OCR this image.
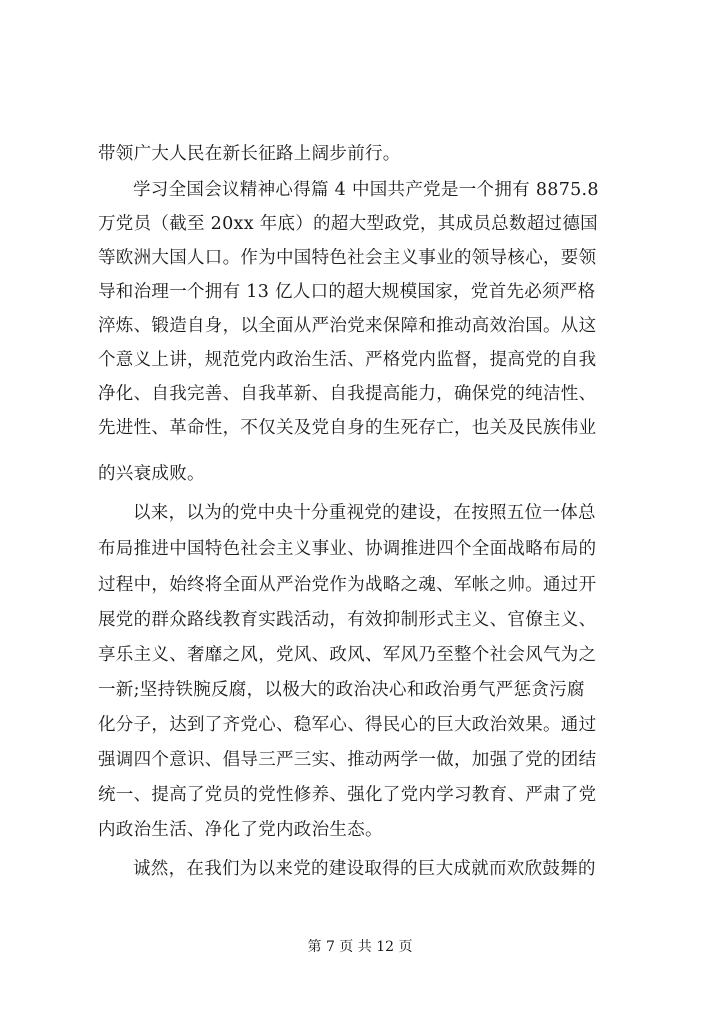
带领广大人民在新长征路上阔步前行。
学习全国会议精神心得篇 4 中国共产党是一个拥有 8875.8
万党员（截至 20xx 年底）的超大型政党，其成员总数超过德国
等欧洲大国人口。作为中国特色社会主义事业的领导核心，要领
导和治理一个拥有 13 亿人口的超大规模国家，党首先必须严格
淬炼、锻造自身，以全面从严治党来保障和推动高效治国。从这
个意义上讲，规范党内政治生活、严格党内监督，提高党的自我
净化、自我完善、自我革新、自我提高能力，确保党的纯洁性、
先进性、革命性，不仅关及党自身的生死存亡，也关及民族伟业
的兴衰成败。
以来，以为的党中央十分重视党的建设，在按照五位一体总
布局推进中国特色社会主义事业、协调推进四个全面战略布局的
过程中，始终将全面从严治党作为战略之魂、军帐之帅。通过开
展党的群众路线教育实践活动，有效抑制形式主义、官僚主义、
享乐主义、奢靡之风，党风、政风、军风乃至整个社会风气为之
一新;坚持铁腕反腐，以极大的政治决心和政治勇气严惩贪污腐
化分子，达到了齐党心、稳军心、得民心的巨大政治效果。通过
强调四个意识、倡导三严三实、推动两学一做，加强了党的团结
统一、提高了党员的党性修养、强化了党内学习教育、严肃了党
内政治生活、净化了党内政治生态。
诚然，在我们为以来党的建设取得的巨大成就而欢欣鼓舞的
第 7 页 共 12 页
